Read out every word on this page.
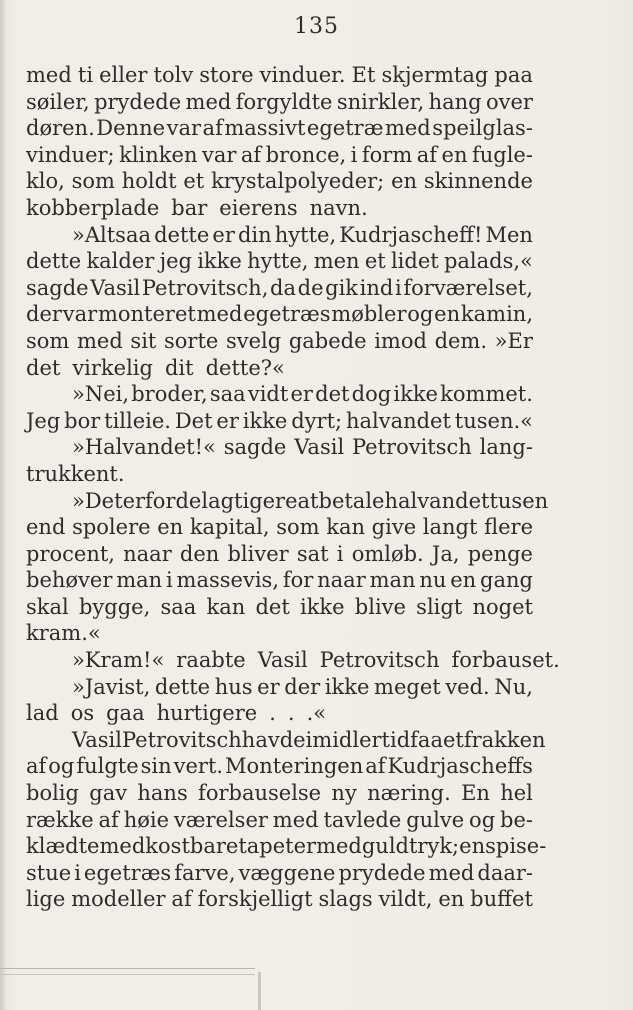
135
med ti eller tolv store vinduer. Et skjermtag paa
søiler, prydede med forgyldte snirkler, hang over
døren. Denne var af massivt egetræ med speilglas-
vinduer; klinken var af bronce, i form af en fugle-
klo, som holdt et krystalpolyeder; en skinnende
kobberplade bar eierens navn.
»Altsaa dette er din hytte, Kudrjascheff! Men
dette kalder jeg ikke hytte, men et lidet palads,«
sagde Vasil Petrovitsch, da de gik ind i forværelset,
der var monteret med egetræs møbler og en kamin,
som med sit sorte svelg gabede imod dem. »Er
det virkelig dit dette?«
»Nei, broder, saa vidt er det dog ikke kommet.
Jeg bor tilleie. Det er ikke dyrt; halvandet tusen.«
»Halvandet!« sagde Vasil Petrovitsch lang-
trukkent.
»Det er fordelagtigere at betale halvandet tusen
end spolere en kapital, som kan give langt flere
procent, naar den bliver sat i omløb. Ja, penge
behøver man i massevis, for naar man nu en gang
skal bygge, saa kan det ikke blive sligt noget
kram.«
»Kram!« raabte Vasil Petrovitsch forbauset.
»Javist, dette hus er der ikke meget ved. Nu,
lad os gaa hurtigere . . .«
Vasil Petrovitsch havde imidlertid faaet frakken
af og fulgte sin vert. Monteringen af Kudrjascheffs
bolig gav hans forbauselse ny næring. En hel
række af høie værelser med tavlede gulve og be-
klædte med kostbare tapeter med guldtryk; en spise-
stue i egetræs farve, væggene prydede med daar-
lige modeller af forskjelligt slags vildt, en buffet
